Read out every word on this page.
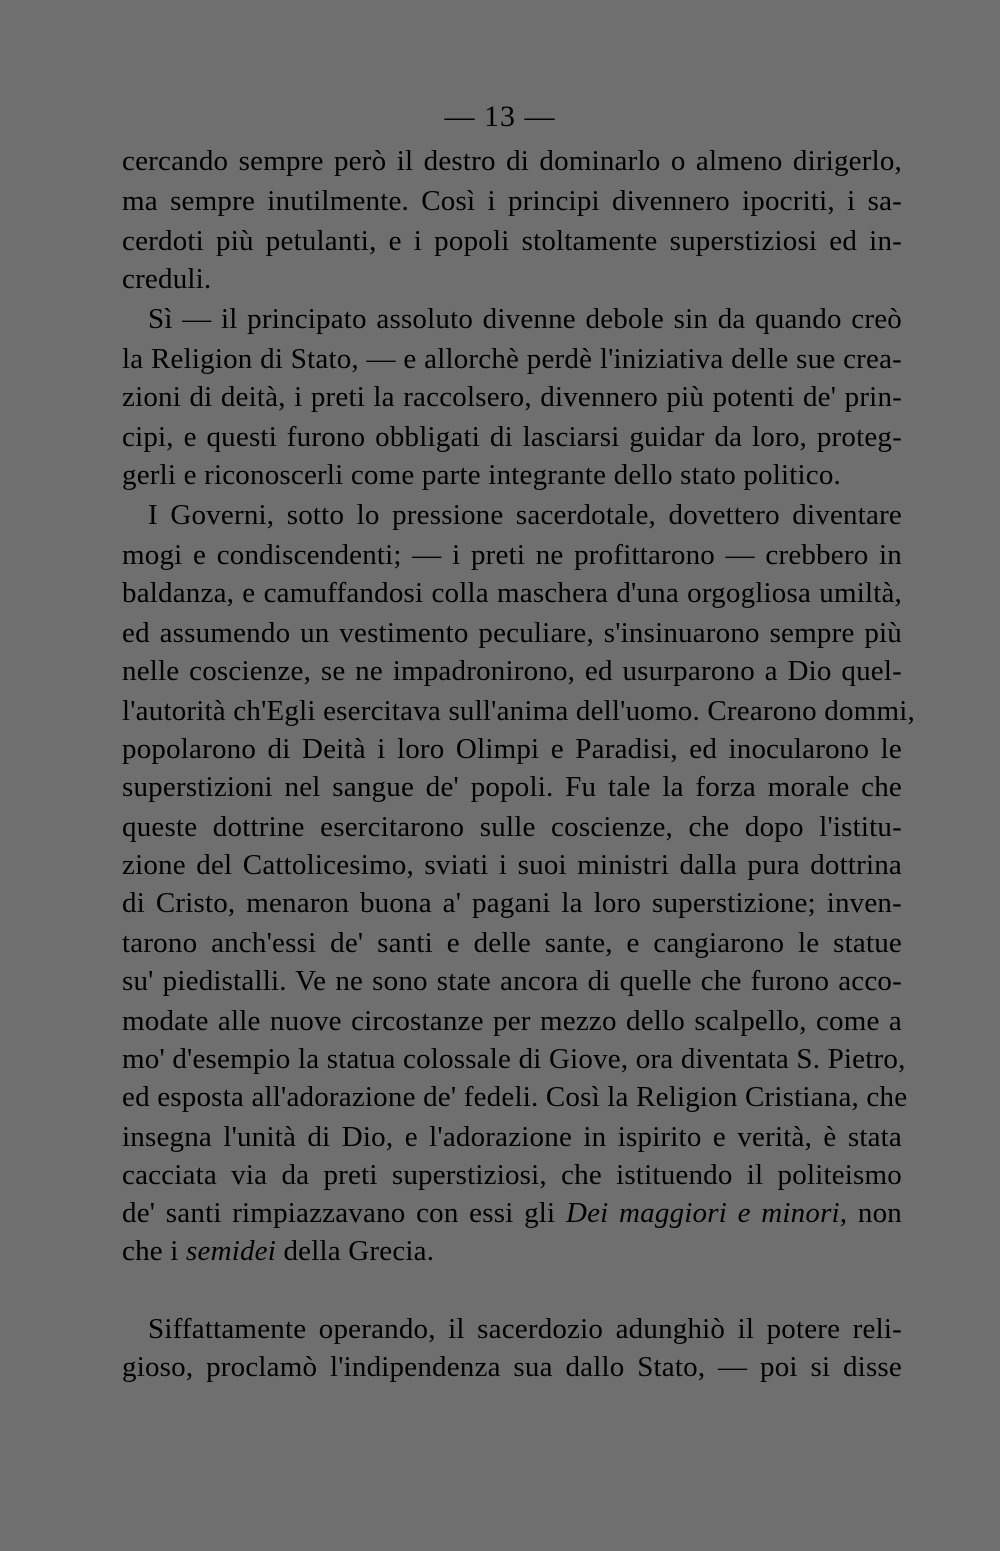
— 13 —
cercando sempre però il destro di dominarlo o almeno dirigerlo,
ma sempre inutilmente. Così i principi divennero ipocriti, i sa-
cerdoti più petulanti, e i popoli stoltamente superstiziosi ed in-
creduli.
Sì — il principato assoluto divenne debole sin da quando creò
la Religion di Stato, — e allorchè perdè l'iniziativa delle sue crea-
zioni di deità, i preti la raccolsero, divennero più potenti de' prin-
cipi, e questi furono obbligati di lasciarsi guidar da loro, proteg-
gerli e riconoscerli come parte integrante dello stato politico.
I Governi, sotto lo pressione sacerdotale, dovettero diventare
mogi e condiscendenti; — i preti ne profittarono — crebbero in
baldanza, e camuffandosi colla maschera d'una orgogliosa umiltà,
ed assumendo un vestimento peculiare, s'insinuarono sempre più
nelle coscienze, se ne impadronirono, ed usurparono a Dio quel-
l'autorità ch'Egli esercitava sull'anima dell'uomo. Crearono dommi,
popolarono di Deità i loro Olimpi e Paradisi, ed inocularono le
superstizioni nel sangue de' popoli. Fu tale la forza morale che
queste dottrine esercitarono sulle coscienze, che dopo l'istitu-
zione del Cattolicesimo, sviati i suoi ministri dalla pura dottrina
di Cristo, menaron buona a' pagani la loro superstizione; inven-
tarono anch'essi de' santi e delle sante, e cangiarono le statue
su' piedistalli. Ve ne sono state ancora di quelle che furono acco-
modate alle nuove circostanze per mezzo dello scalpello, come a
mo' d'esempio la statua colossale di Giove, ora diventata S. Pietro,
ed esposta all'adorazione de' fedeli. Così la Religion Cristiana, che
insegna l'unità di Dio, e l'adorazione in ispirito e verità, è stata
cacciata via da preti superstiziosi, che istituendo il politeismo
de' santi rimpiazzavano con essi gli Dei maggiori e minori, non
che i semidei della Grecia.
Siffattamente operando, il sacerdozio adunghiò il potere reli-
gioso, proclamò l'indipendenza sua dallo Stato, — poi si disse
